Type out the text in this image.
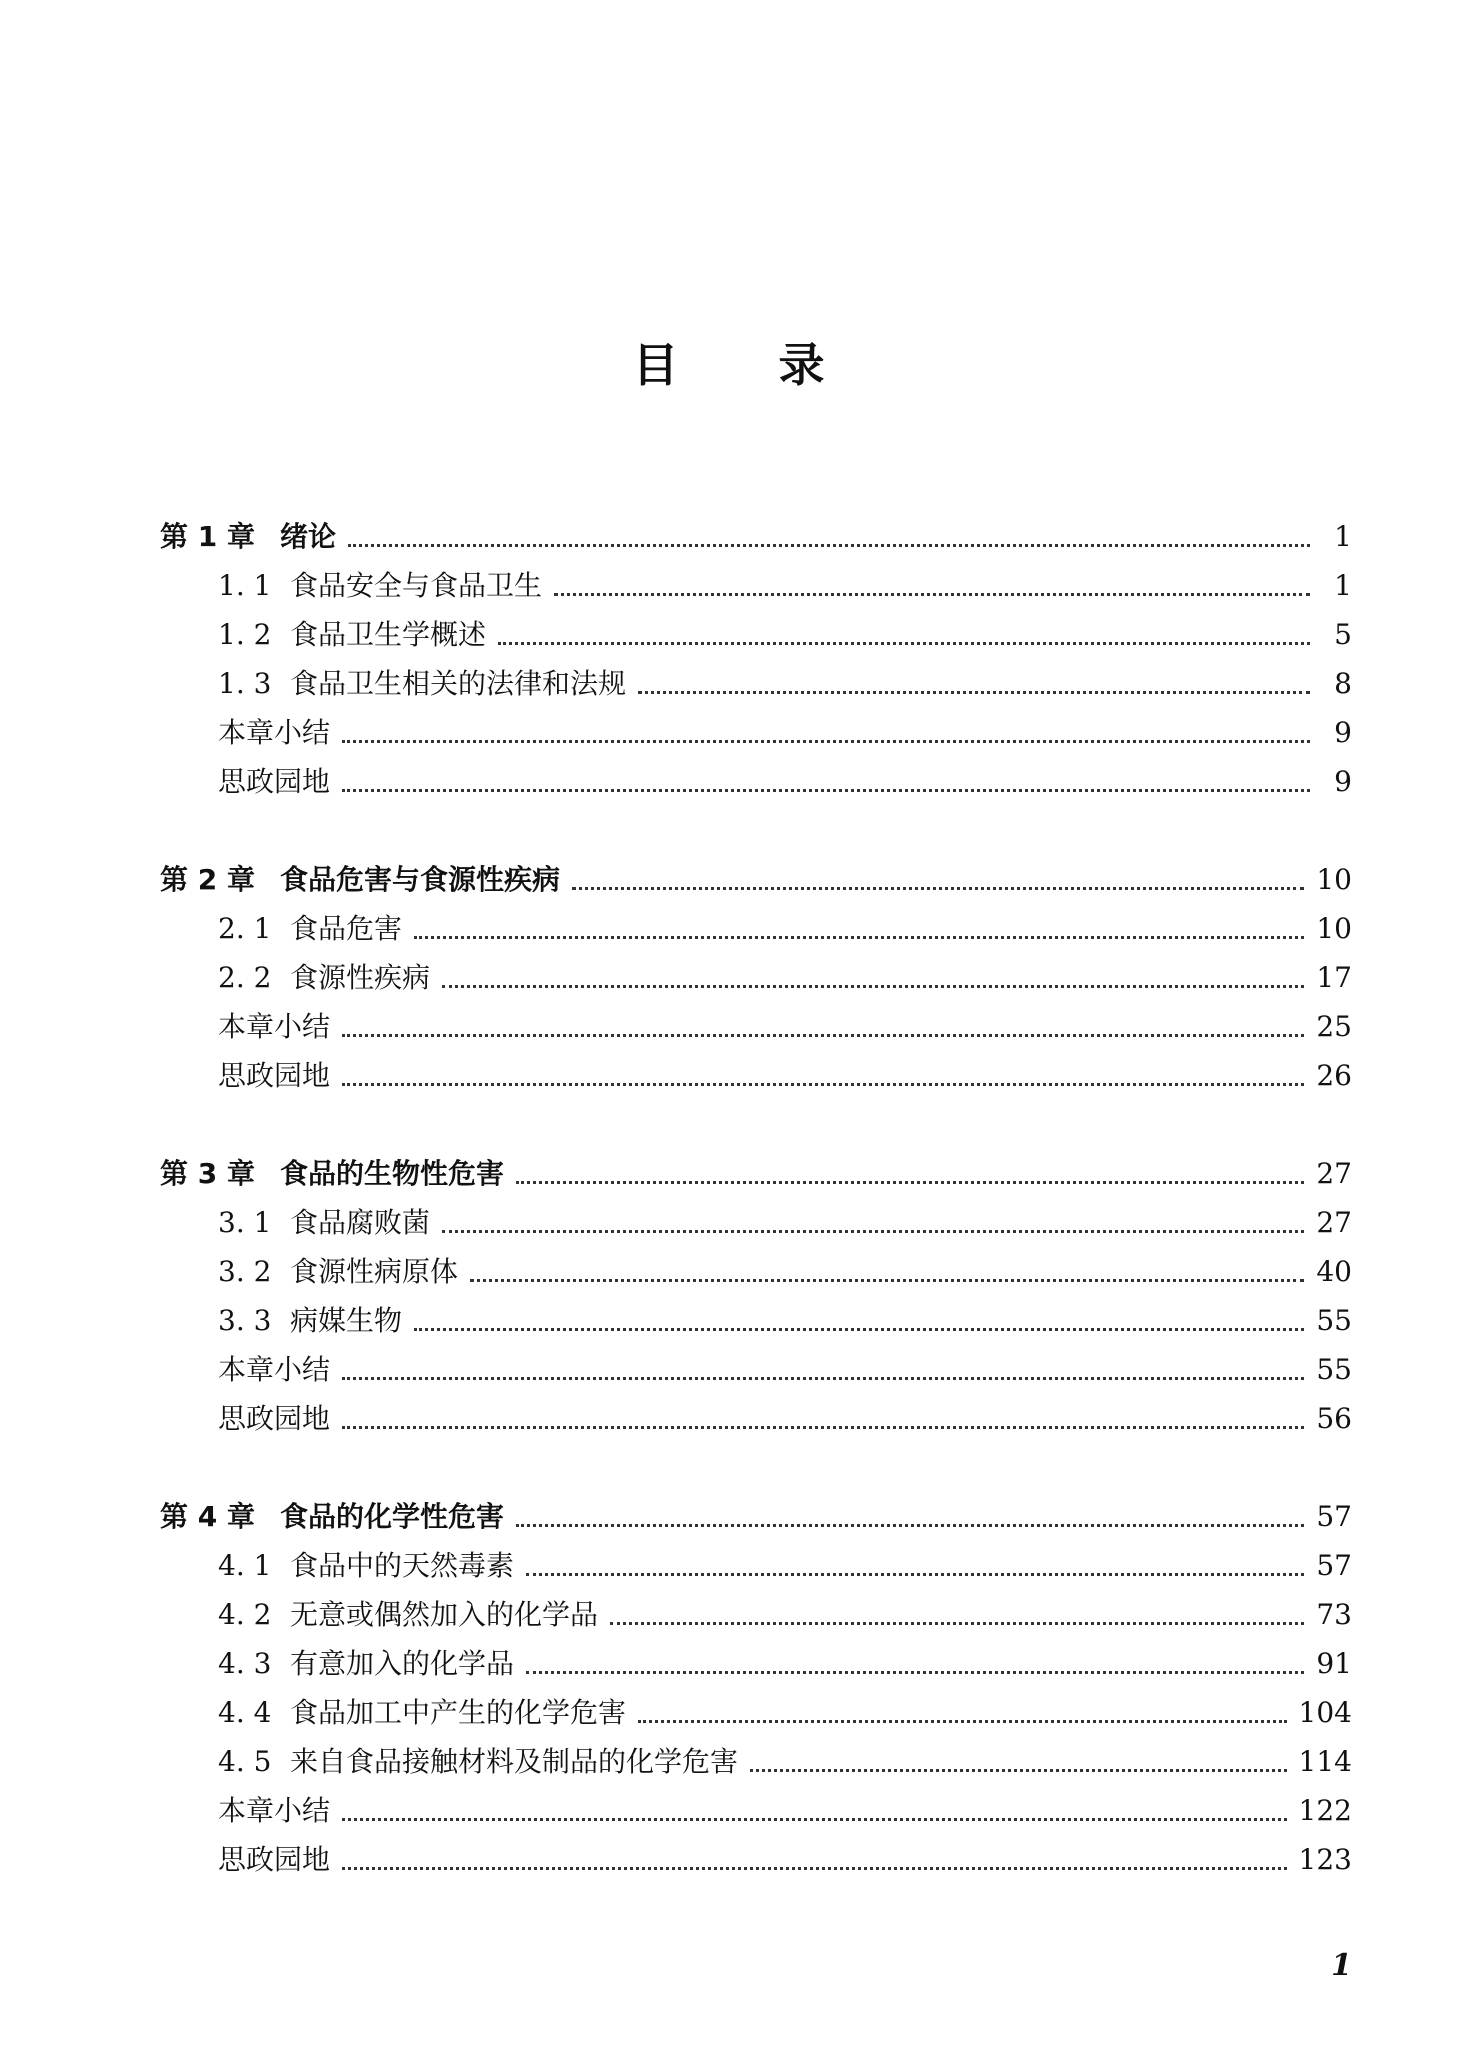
目录
第 1 章 绪论	1
1. 1 食品安全与食品卫生	1
1. 2 食品卫生学概述	5
1. 3 食品卫生相关的法律和法规	8
本章小结	9
思政园地	9
第 2 章 食品危害与食源性疾病	10
2. 1 食品危害	10
2. 2 食源性疾病	17
本章小结	25
思政园地	26
第 3 章 食品的生物性危害	27
3. 1 食品腐败菌	27
3. 2 食源性病原体	40
3. 3 病媒生物	55
本章小结	55
思政园地	56
第 4 章 食品的化学性危害	57
4. 1 食品中的天然毒素	57
4. 2 无意或偶然加入的化学品	73
4. 3 有意加入的化学品	91
4. 4 食品加工中产生的化学危害	104
4. 5 来自食品接触材料及制品的化学危害	114
本章小结	122
思政园地	123
1
